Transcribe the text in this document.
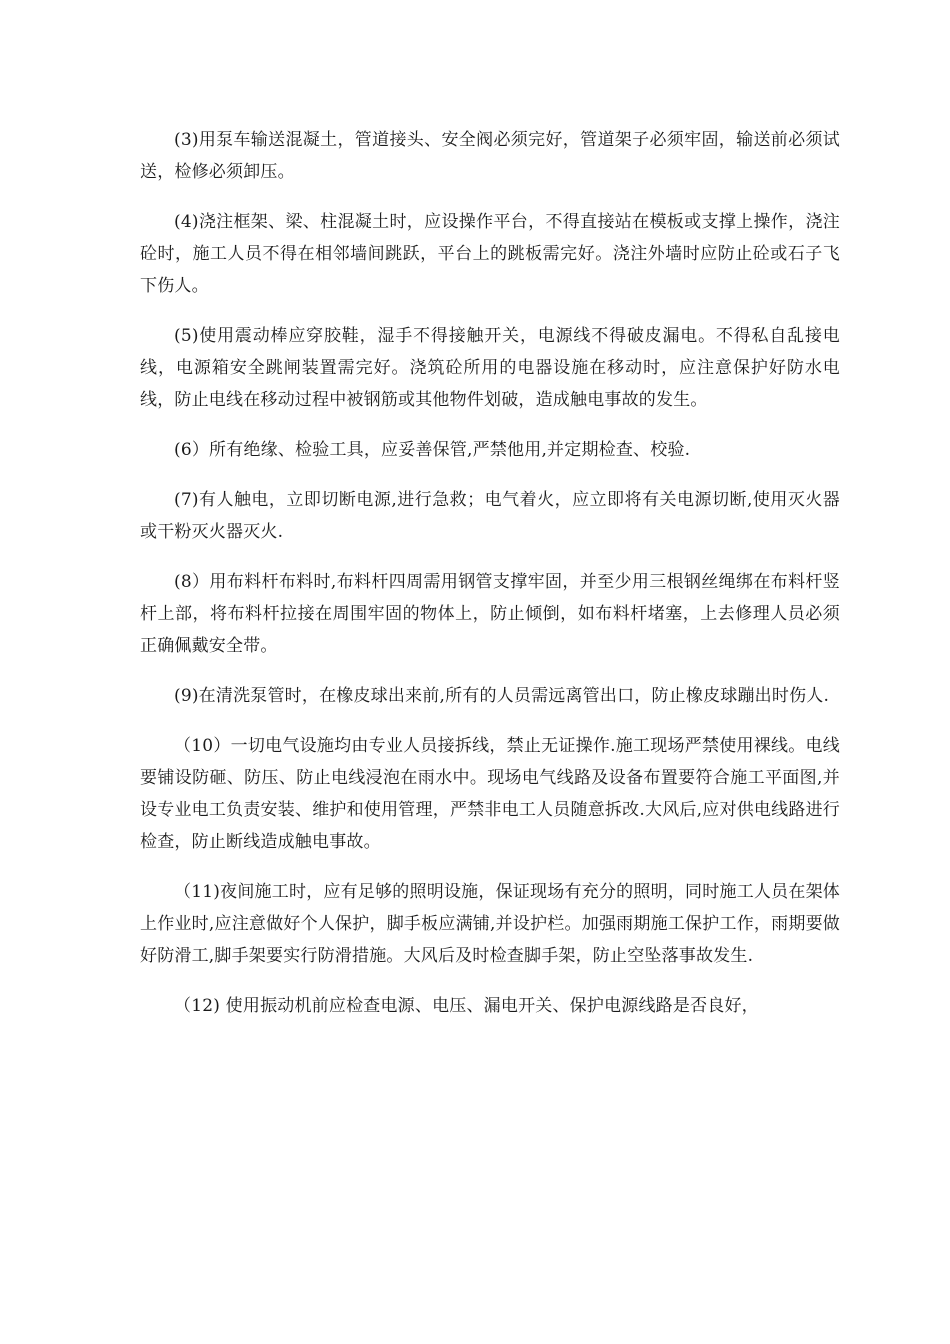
(3)用泵车输送混凝土，管道接头、安全阀必须完好，管道架子必须牢固，输送前必须试送，检修必须卸压。

(4)浇注框架、梁、柱混凝土时，应设操作平台，不得直接站在模板或支撑上操作，浇注砼时，施工人员不得在相邻墙间跳跃，平台上的跳板需完好。浇注外墙时应防止砼或石子飞下伤人。

(5)使用震动棒应穿胶鞋，湿手不得接触开关，电源线不得破皮漏电。不得私自乱接电线，电源箱安全跳闸装置需完好。浇筑砼所用的电器设施在移动时，应注意保护好防水电线，防止电线在移动过程中被钢筋或其他物件划破，造成触电事故的发生。

(6）所有绝缘、检验工具，应妥善保管,严禁他用,并定期检查、校验.

(7)有人触电，立即切断电源,进行急救；电气着火，应立即将有关电源切断,使用灭火器或干粉灭火器灭火.

(8）用布料杆布料时,布料杆四周需用钢管支撑牢固，并至少用三根钢丝绳绑在布料杆竖杆上部，将布料杆拉接在周围牢固的物体上，防止倾倒，如布料杆堵塞，上去修理人员必须正确佩戴安全带。

(9)在清洗泵管时，在橡皮球出来前,所有的人员需远离管出口，防止橡皮球蹦出时伤人.

（10）一切电气设施均由专业人员接拆线，禁止无证操作.施工现场严禁使用裸线。电线要铺设防砸、防压、防止电线浸泡在雨水中。现场电气线路及设备布置要符合施工平面图,并设专业电工负责安装、维护和使用管理，严禁非电工人员随意拆改.大风后,应对供电线路进行检查，防止断线造成触电事故。

（11)夜间施工时，应有足够的照明设施，保证现场有充分的照明，同时施工人员在架体上作业时,应注意做好个人保护，脚手板应满铺,并设护栏。加强雨期施工保护工作，雨期要做好防滑工,脚手架要实行防滑措施。大风后及时检查脚手架，防止空坠落事故发生.

（12) 使用振动机前应检查电源、电压、漏电开关、保护电源线路是否良好，
